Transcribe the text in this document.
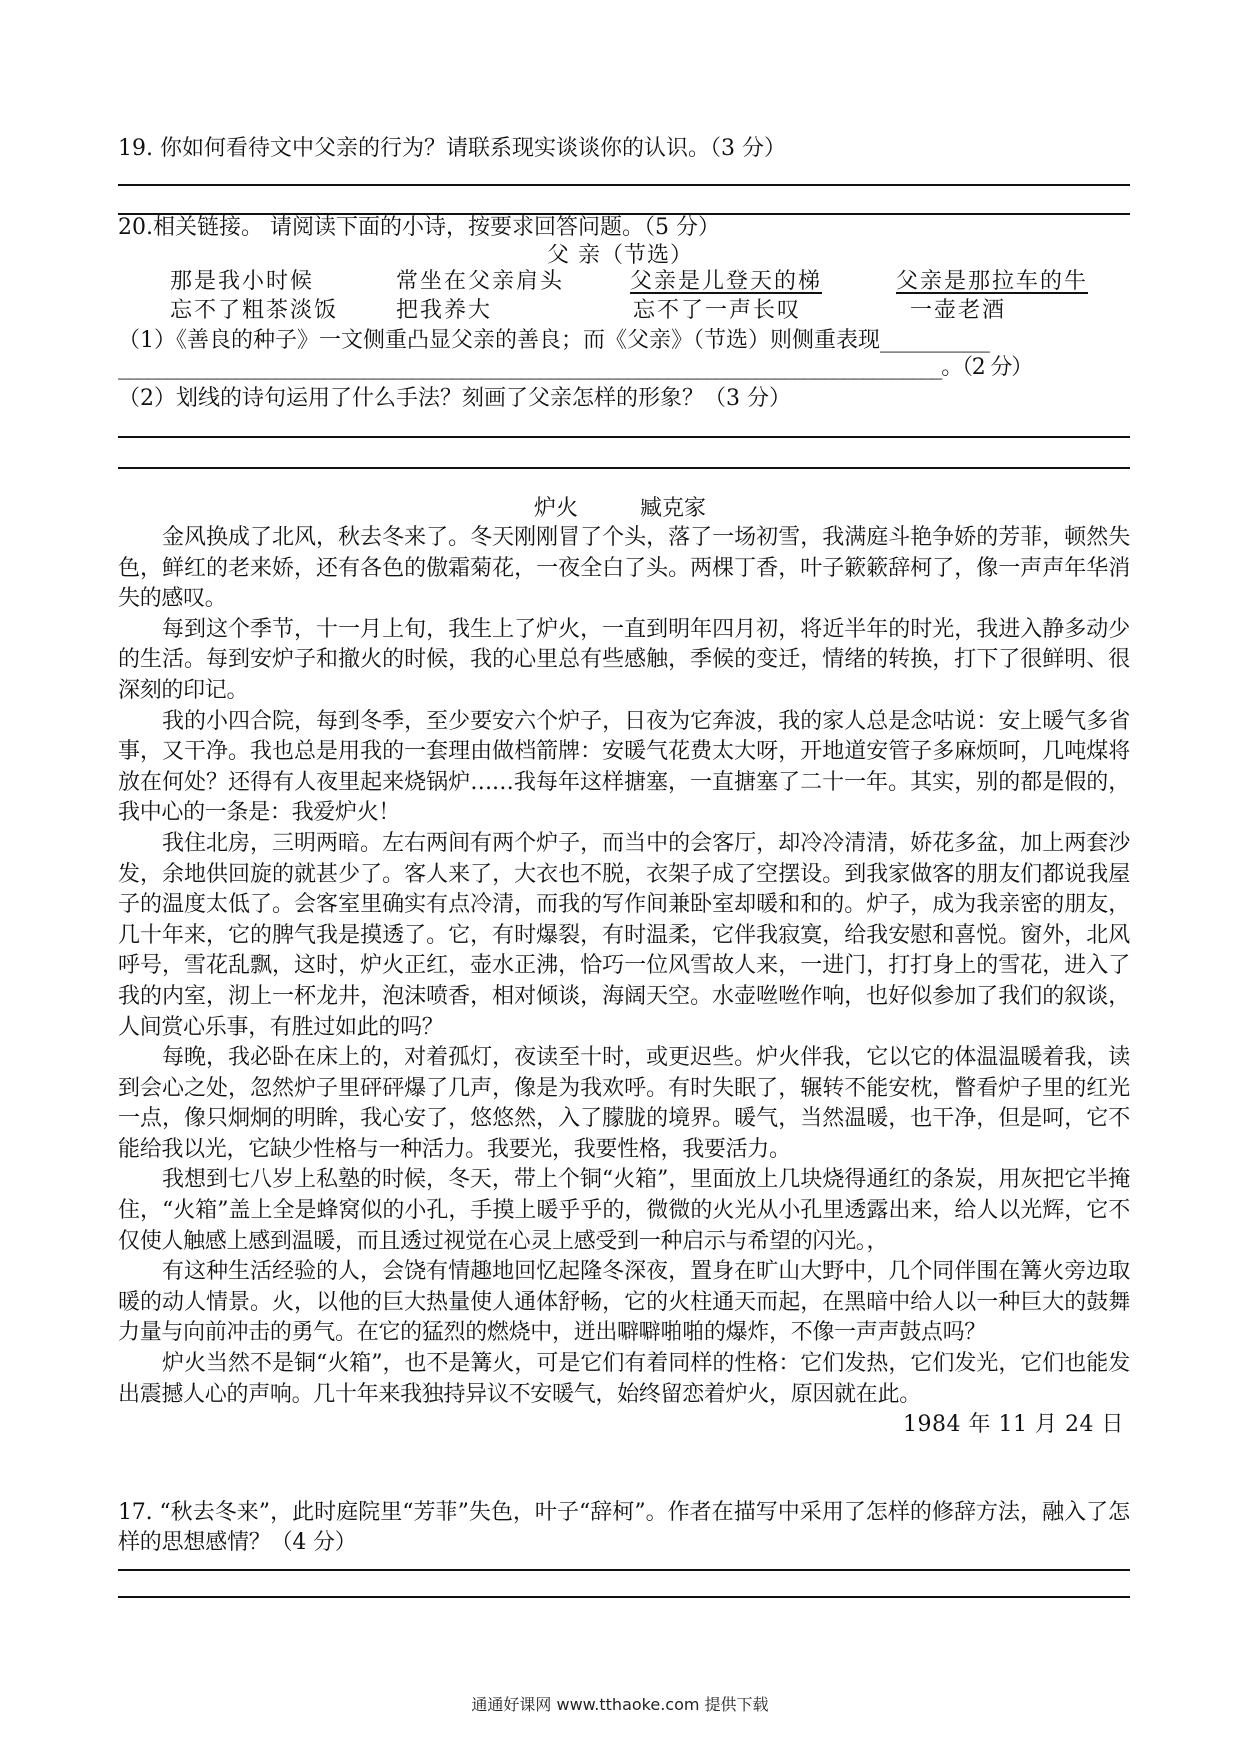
19. 你如何看待文中父亲的行为？请联系现实谈谈你的认识。（3 分）
20.相关链接。 请阅读下面的小诗，按要求回答问题。（5 分）
父 亲（节选）
那是我小时候	常坐在父亲肩头	父亲是儿登天的梯	父亲是那拉车的牛
忘不了粗茶淡饭	把我养大	忘不了一声长叹	一壶老酒
（1）《善良的种子》一文侧重凸显父亲的善良；而《父亲》（节选）则侧重表现__________
____________________________________________________________________________________。（2 分）
（2）划线的诗句运用了什么手法？刻画了父亲怎样的形象？（3 分）
炉火	臧克家

金风换成了北风，秋去冬来了。冬天刚刚冒了个头，落了一场初雪，我满庭斗艳争娇的芳菲，顿然失色，鲜红的老来娇，还有各色的傲霜菊花，一夜全白了头。两棵丁香，叶子簌簌辞柯了，像一声声年华消失的感叹。

每到这个季节，十一月上旬，我生上了炉火，一直到明年四月初，将近半年的时光，我进入静多动少的生活。每到安炉子和撤火的时候，我的心里总有些感触，季候的变迁，情绪的转换，打下了很鲜明、很深刻的印记。

我的小四合院，每到冬季，至少要安六个炉子，日夜为它奔波，我的家人总是念咕说：安上暖气多省事，又干净。我也总是用我的一套理由做档箭牌：安暖气花费太大呀，开地道安管子多麻烦呵，几吨煤将放在何处？还得有人夜里起来烧锅炉……我每年这样搪塞，一直搪塞了二十一年。其实，别的都是假的，我中心的一条是：我爱炉火！

我住北房，三明两暗。左右两间有两个炉子，而当中的会客厅，却冷冷清清，娇花多盆，加上两套沙发，余地供回旋的就甚少了。客人来了，大衣也不脱，衣架子成了空摆设。到我家做客的朋友们都说我屋子的温度太低了。会客室里确实有点冷清，而我的写作间兼卧室却暖和和的。炉子，成为我亲密的朋友，几十年来，它的脾气我是摸透了。它，有时爆裂，有时温柔，它伴我寂寞，给我安慰和喜悦。窗外，北风呼号，雪花乱飘，这时，炉火正红，壶水正沸，恰巧一位风雪故人来，一进门，打打身上的雪花，进入了我的内室，沏上一杯龙井，泡沫喷香，相对倾谈，海阔天空。水壶咝咝作响，也好似参加了我们的叙谈，人间赏心乐事，有胜过如此的吗？

每晚，我必卧在床上的，对着孤灯，夜读至十时，或更迟些。炉火伴我，它以它的体温温暖着我，读到会心之处，忽然炉子里砰砰爆了几声，像是为我欢呼。有时失眠了，辗转不能安枕，瞥看炉子里的红光一点，像只炯炯的明眸，我心安了，悠悠然，入了朦胧的境界。暖气，当然温暖，也干净，但是呵，它不能给我以光，它缺少性格与一种活力。我要光，我要性格，我要活力。

我想到七八岁上私塾的时候，冬天，带上个铜“火箱”，里面放上几块烧得通红的条炭，用灰把它半掩住，“火箱”盖上全是蜂窝似的小孔，手摸上暖乎乎的，微微的火光从小孔里透露出来，给人以光辉，它不仅使人触感上感到温暖，而且透过视觉在心灵上感受到一种启示与希望的闪光。，

有这种生活经验的人，会饶有情趣地回忆起隆冬深夜，置身在旷山大野中，几个同伴围在篝火旁边取暖的动人情景。火，以他的巨大热量使人通体舒畅，它的火柱通天而起，在黑暗中给人以一种巨大的鼓舞力量与向前冲击的勇气。在它的猛烈的燃烧中，迸出噼噼啪啪的爆炸，不像一声声鼓点吗？

炉火当然不是铜“火箱”，也不是篝火，可是它们有着同样的性格：它们发热，它们发光，它们也能发出震撼人心的声响。几十年来我独持异议不安暖气，始终留恋着炉火，原因就在此。

1984 年 11 月 24 日
17. “秋去冬来”，此时庭院里“芳菲”失色，叶子“辞柯”。作者在描写中采用了怎样的修辞方法，融入了怎样的思想感情？（4 分）
通通好课网 www.tthaoke.com 提供下载
